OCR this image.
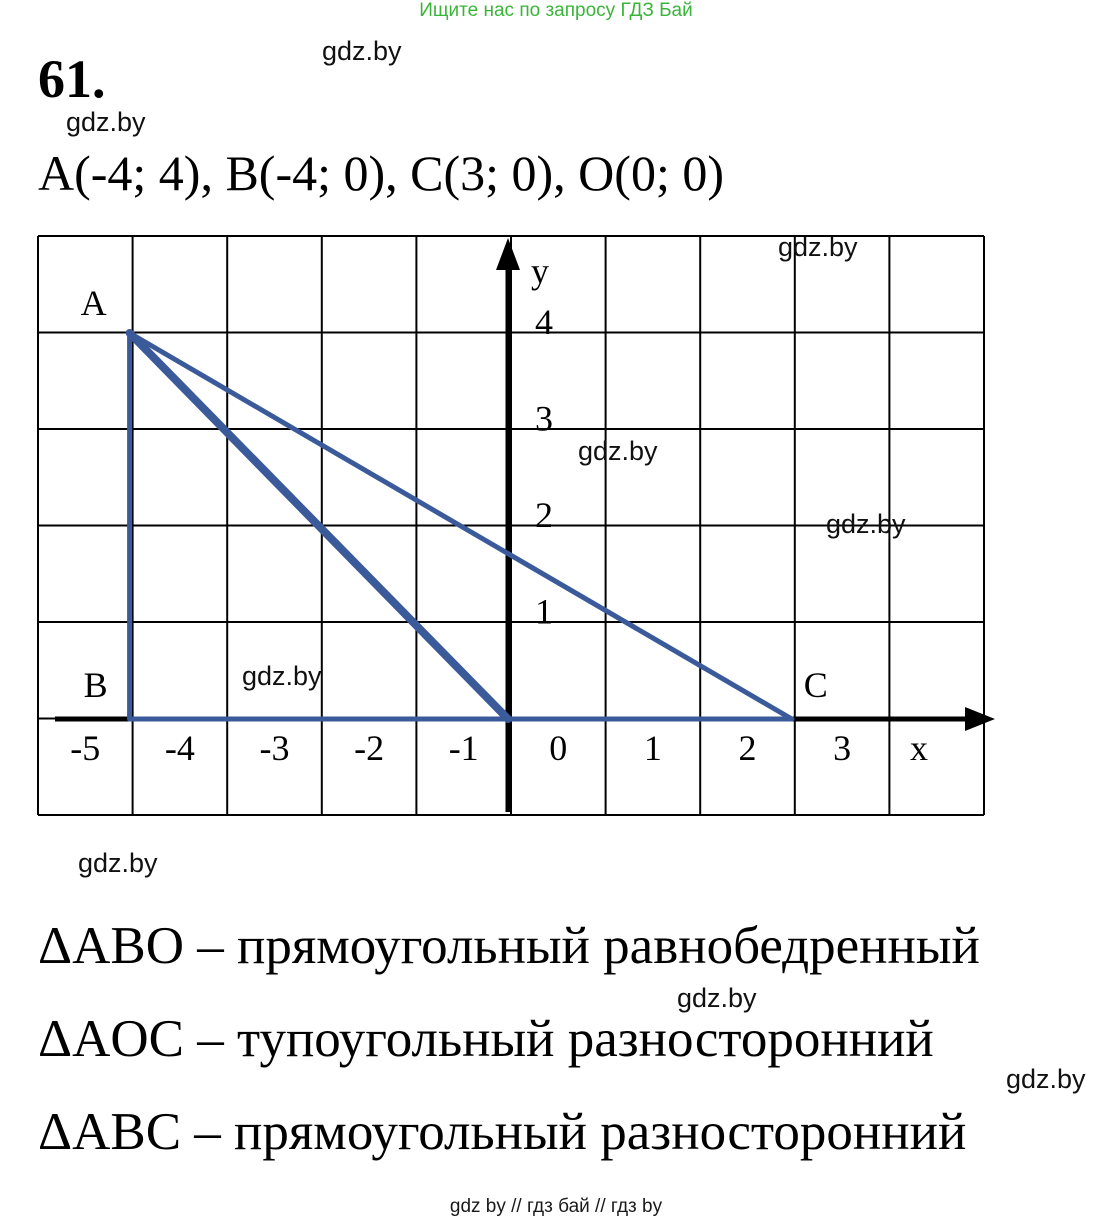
Ищите нас по запросу ГДЗ Бай
61.
A(-4; 4), B(-4; 0), C(3; 0), O(0; 0)
x
y
-5 -4 -3 -2 -1 0 1 2 3
1
2
3
4
A
B	C
ΔABO – прямоугольный равнобедренный
ΔAOC – тупоугольный разносторонний
ΔABC – прямоугольный разносторонний
gdz.by
gdz.by
gdz.by
gdz.by
gdz.by
gdz.by
gdz.by
gdz.by
gdz.by
gdz by // гдз бай // гдз by
